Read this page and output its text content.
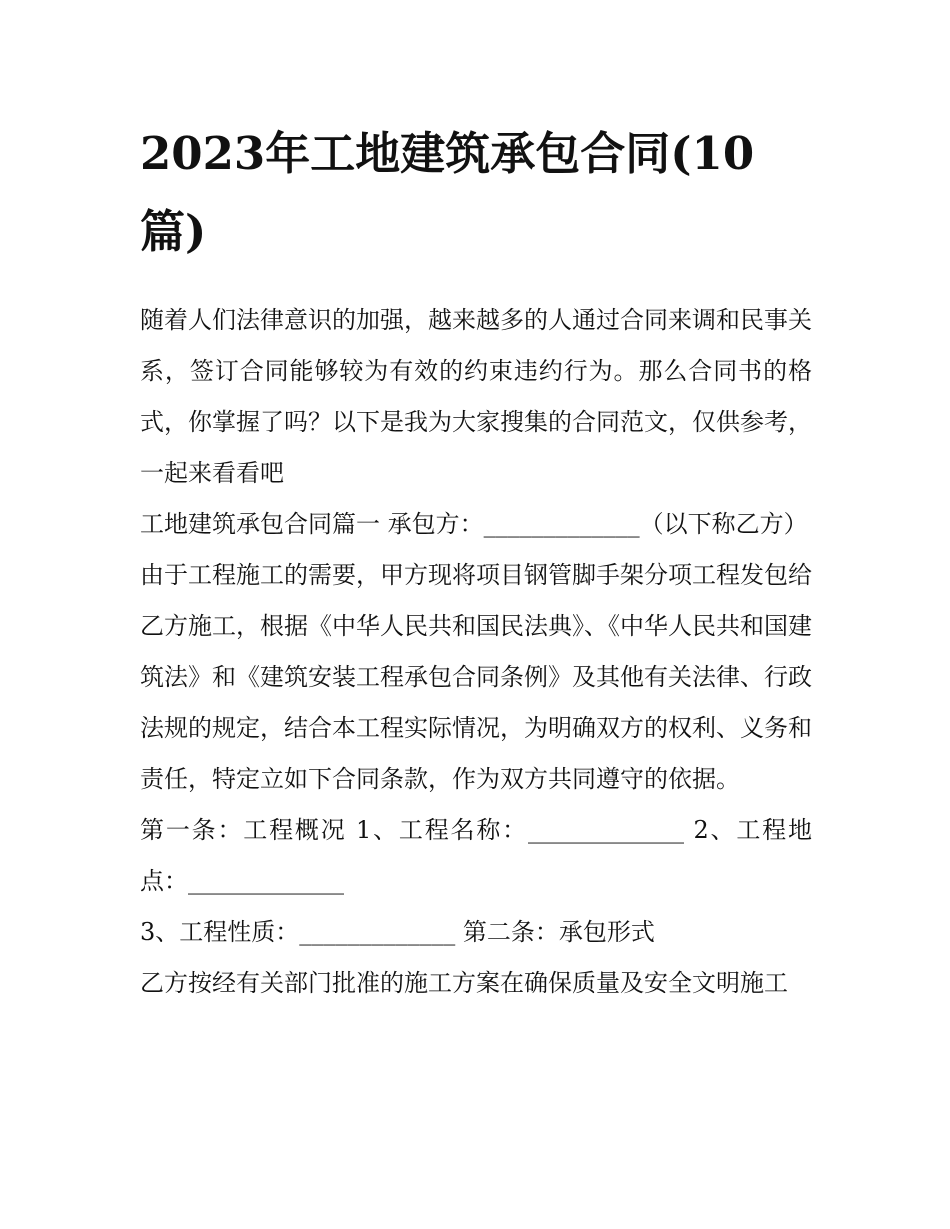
2023年工地建筑承包合同(10篇)

随着人们法律意识的加强，越来越多的人通过合同来调和民事关系，签订合同能够较为有效的约束违约行为。那么合同书的格式，你掌握了吗？以下是我为大家搜集的合同范文，仅供参考，一起来看看吧

工地建筑承包合同篇一 承包方：_____________（以下称乙方）

由于工程施工的需要，甲方现将项目钢管脚手架分项工程发包给乙方施工，根据《中华人民共和国民法典》、《中华人民共和国建筑法》和《建筑安装工程承包合同条例》及其他有关法律、行政法规的规定，结合本工程实际情况，为明确双方的权利、义务和责任，特定立如下合同条款，作为双方共同遵守的依据。

第一条：工程概况 1、工程名称：_____________ 2、工程地点：_____________

3、工程性质：_____________ 第二条：承包形式

乙方按经有关部门批准的施工方案在确保质量及安全文明施工
